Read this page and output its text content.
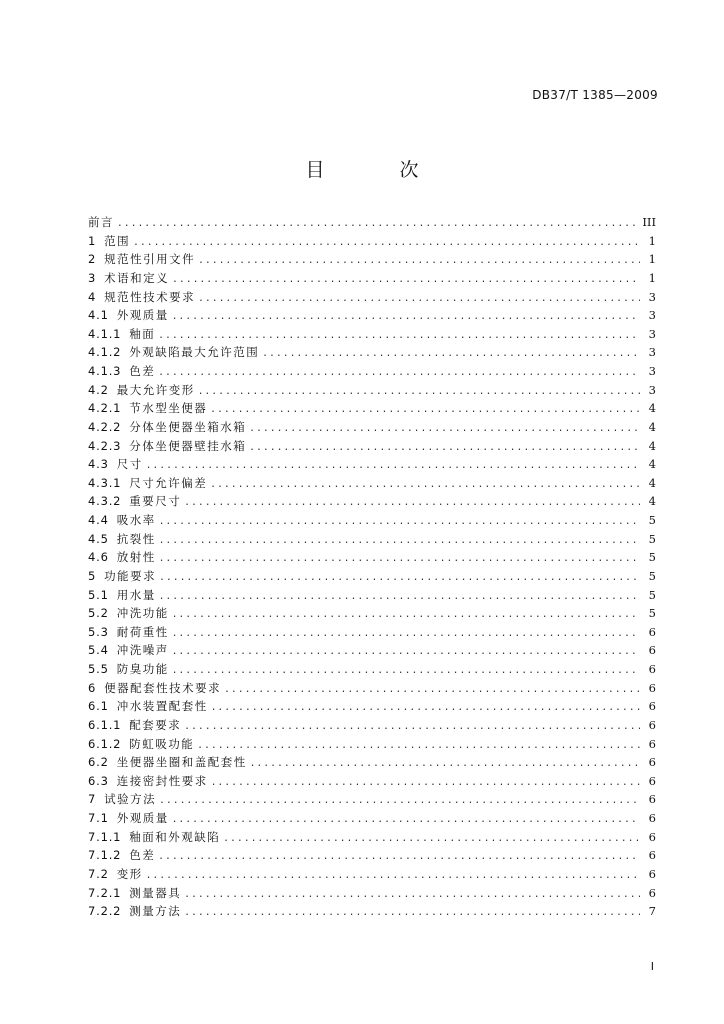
DB37/T 1385—2009
目　次
前言 .....	III
1 范围 .....	1
2 规范性引用文件 .....	1
3 术语和定义 .....	1
4 规范性技术要求 .....	3
4.1 外观质量 .....	3
4.1.1 釉面 .....	3
4.1.2 外观缺陷最大允许范围 .....	3
4.1.3 色差 .....	3
4.2 最大允许变形 .....	3
4.2.1 节水型坐便器 .....	4
4.2.2 分体坐便器坐箱水箱 .....	4
4.2.3 分体坐便器壁挂水箱 .....	4
4.3 尺寸 .....	4
4.3.1 尺寸允许偏差 .....	4
4.3.2 重要尺寸 .....	4
4.4 吸水率 .....	5
4.5 抗裂性 .....	5
4.6 放射性 .....	5
5 功能要求 .....	5
5.1 用水量 .....	5
5.2 冲洗功能 .....	5
5.3 耐荷重性 .....	6
5.4 冲洗噪声 .....	6
5.5 防臭功能 .....	6
6 便器配套性技术要求 .....	6
6.1 冲水装置配套性 .....	6
6.1.1 配套要求 .....	6
6.1.2 防虹吸功能 .....	6
6.2 坐便器坐圈和盖配套性 .....	6
6.3 连接密封性要求 .....	6
7 试验方法 .....	6
7.1 外观质量 .....	6
7.1.1 釉面和外观缺陷 .....	6
7.1.2 色差 .....	6
7.2 变形 .....	6
7.2.1 测量器具 .....	6
7.2.2 测量方法 .....	7
I
